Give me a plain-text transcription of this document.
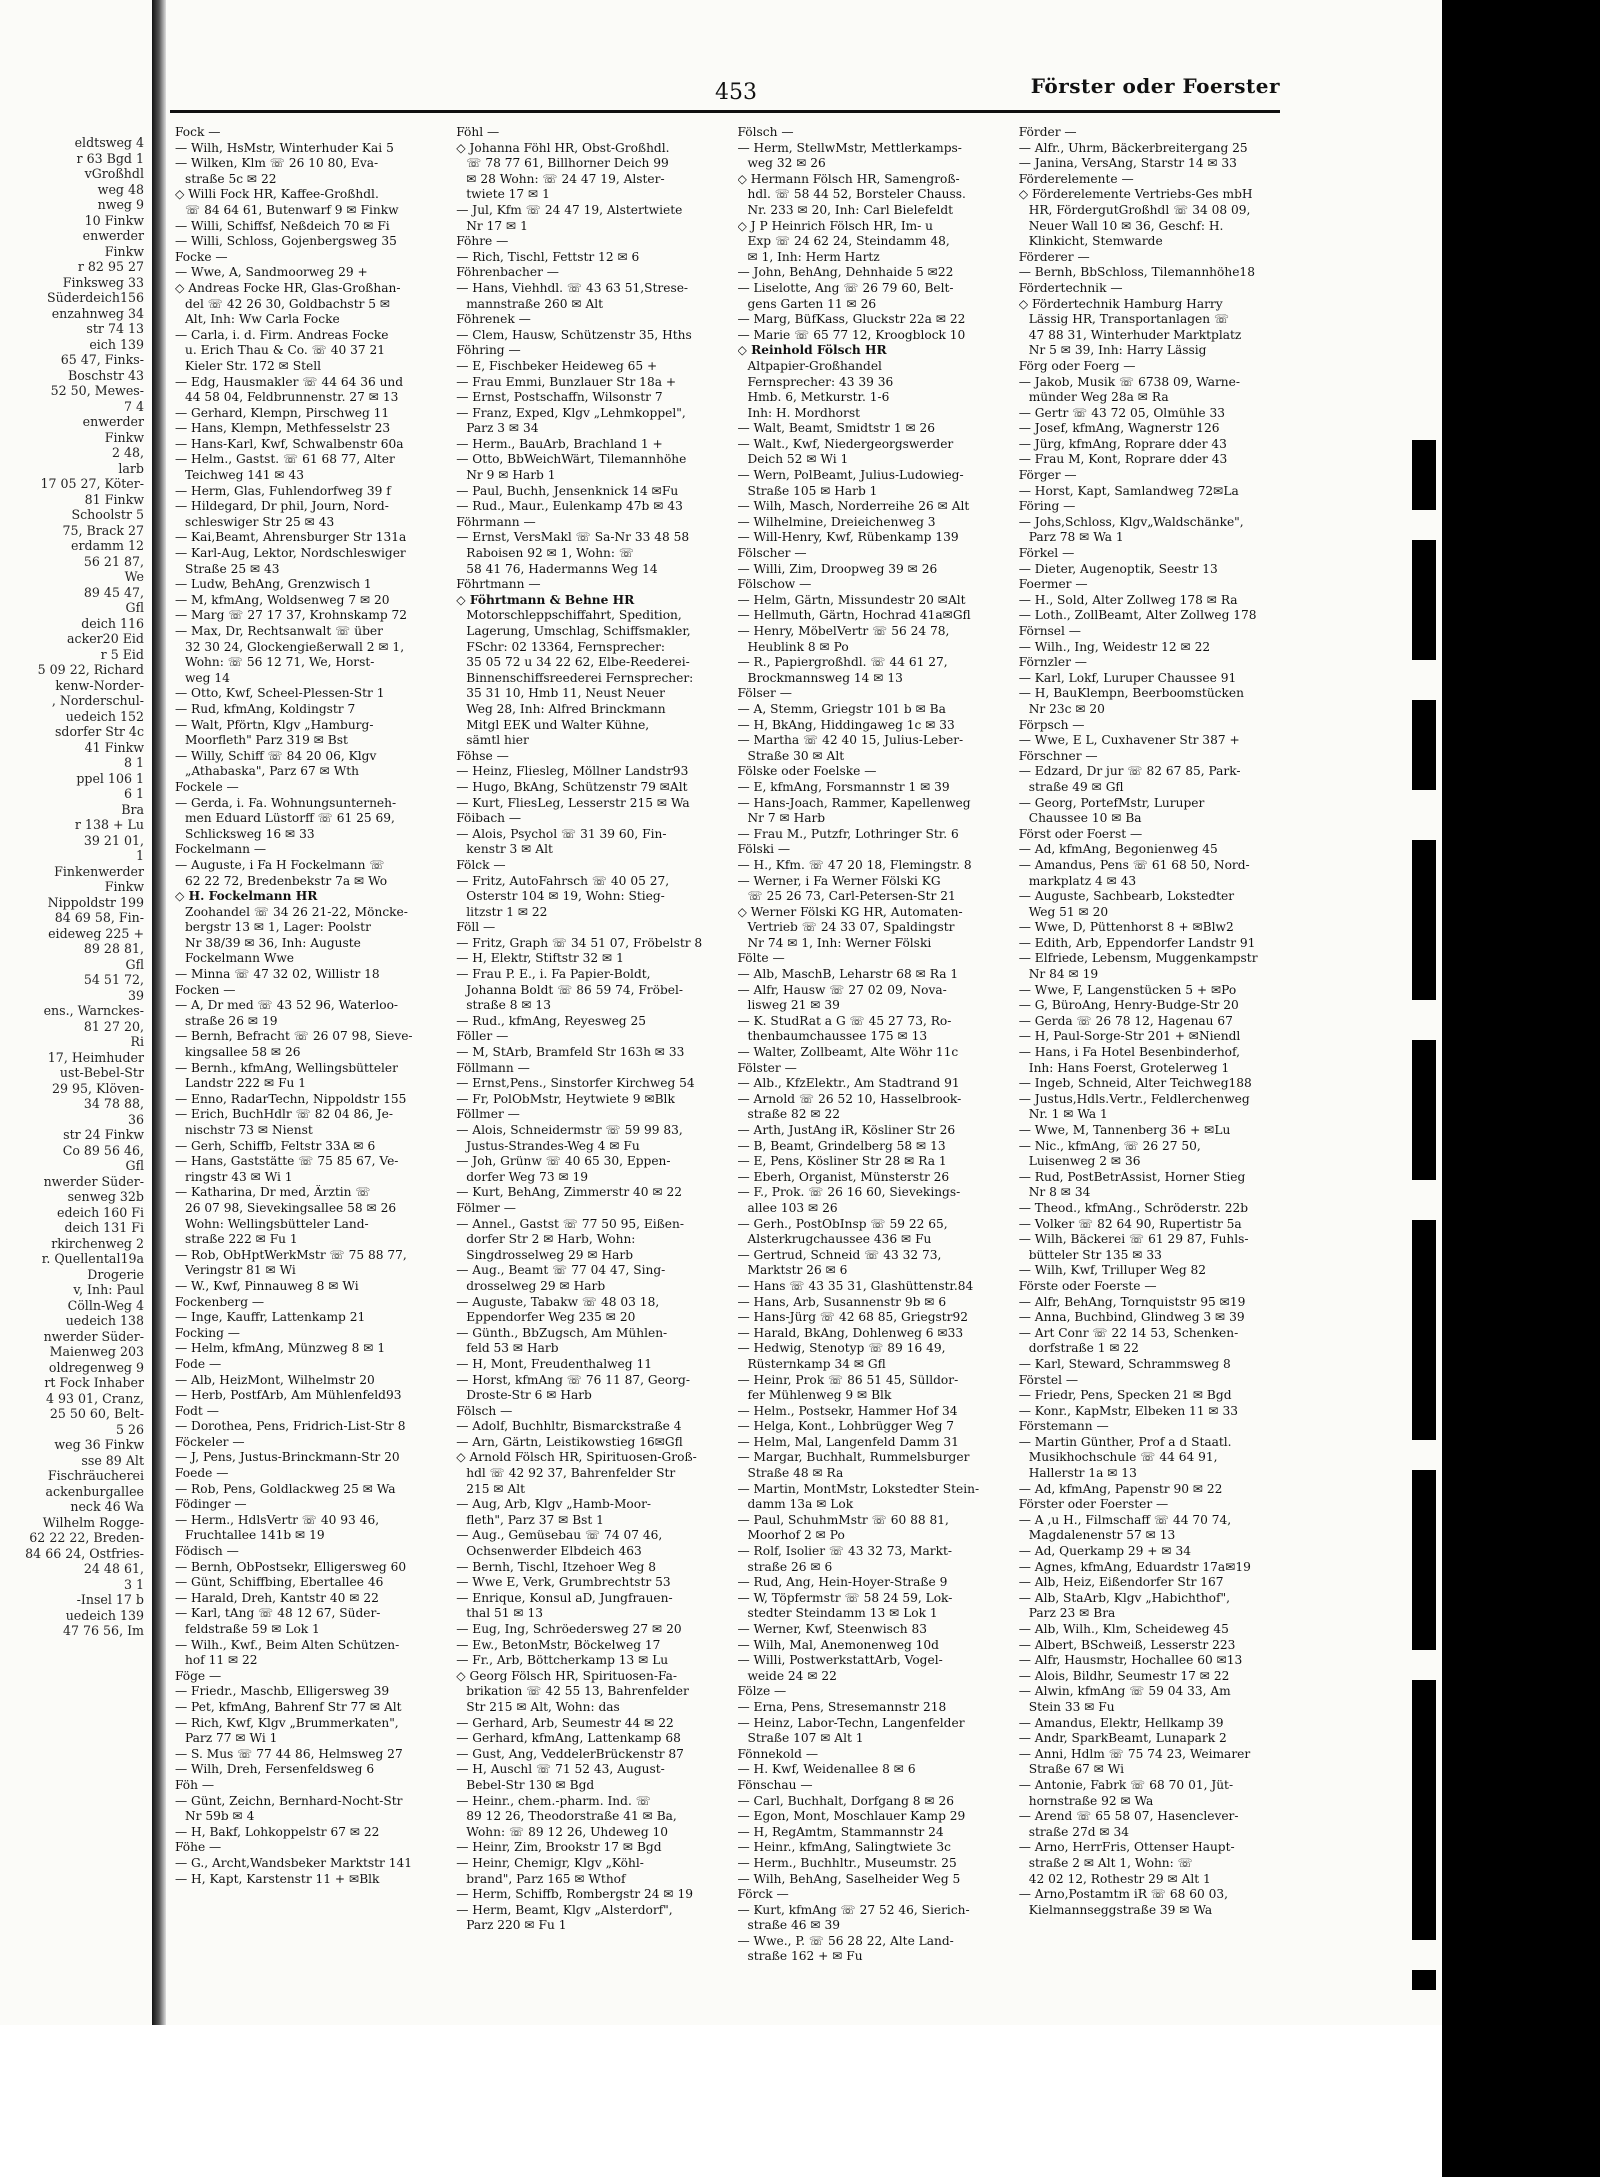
eldtsweg 4
r 63 Bgd 1
vGroßhdl
weg 48
nweg 9
10 Finkw
enwerder
Finkw
r 82 95 27
Finksweg 33
Süderdeich156
enzahnweg 34
str 74 13
eich 139
65 47, Finks-
Boschstr 43
52 50, Mewes-
7 4
enwerder
Finkw
2 48,
larb
17 05 27, Köter-
81 Finkw
Schoolstr 5
75, Brack 27
erdamm 12
56 21 87,
We
89 45 47,
Gfl
deich 116
acker20 Eid
r 5 Eid
5 09 22, Richard
kenw-Norder-
, Norderschul-
uedeich 152
sdorfer Str 4c
41 Finkw
8 1
ppel 106 1
6 1
Bra
r 138 + Lu
39 21 01,
1
Finkenwerder
Finkw
Nippoldstr 199
84 69 58, Fin-
eideweg 225 +
89 28 81,
Gfl
54 51 72,
39
ens., Warnckes-
81 27 20,
Ri
17, Heimhuder
ust-Bebel-Str
29 95, Klöven-
34 78 88,
36
str 24 Finkw
Co 89 56 46,
Gfl
nwerder Süder-
senweg 32b
edeich 160 Fi
deich 131 Fi
rkirchenweg 2
r. Quellental19a
Drogerie
v, Inh: Paul
Cölln-Weg 4
uedeich 138
nwerder Süder-
Maienweg 203
oldregenweg 9
rt Fock Inhaber
4 93 01, Cranz,
25 50 60, Belt-
5 26
weg 36 Finkw
sse 89 Alt
Fischräucherei
ackenburgallee
neck 46 Wa
Wilhelm Rogge-
62 22 22, Breden-
84 66 24, Ostfries-
24 48 61,
3 1
-Insel 17 b
uedeich 139
47 76 56, Im
453	Förster oder Foerster
Fock —
— Wilh, HsMstr, Winterhuder Kai 5
— Wilken, Klm ☏ 26 10 80, Eva-
straße 5c ✉ 22
◇ Willi Fock HR, Kaffee-Großhdl.
☏ 84 64 61, Butenwarf 9 ✉ Finkw
— Willi, Schiffsf, Neßdeich 70 ✉ Fi
— Willi, Schloss, Gojenbergsweg 35
Focke —
— Wwe, A, Sandmoorweg 29 +
◇ Andreas Focke HR, Glas-Großhan-
del ☏ 42 26 30, Goldbachstr 5 ✉
Alt, Inh: Ww Carla Focke
— Carla, i. d. Firm. Andreas Focke
u. Erich Thau & Co. ☏ 40 37 21
Kieler Str. 172 ✉ Stell
— Edg, Hausmakler ☏ 44 64 36 und
44 58 04, Feldbrunnenstr. 27 ✉ 13
— Gerhard, Klempn, Pirschweg 11
— Hans, Klempn, Methfesselstr 23
— Hans-Karl, Kwf, Schwalbenstr 60a
— Helm., Gastst. ☏ 61 68 77, Alter
Teichweg 141 ✉ 43
— Herm, Glas, Fuhlendorfweg 39 f
— Hildegard, Dr phil, Journ, Nord-
schleswiger Str 25 ✉ 43
— Kai,Beamt, Ahrensburger Str 131a
— Karl-Aug, Lektor, Nordschleswiger
Straße 25 ✉ 43
— Ludw, BehAng, Grenzwisch 1
— M, kfmAng, Woldsenweg 7 ✉ 20
— Marg ☏ 27 17 37, Krohnskamp 72
— Max, Dr, Rechtsanwalt ☏ über
32 30 24, Glockengießerwall 2 ✉ 1,
Wohn: ☏ 56 12 71, We, Horst-
weg 14
— Otto, Kwf, Scheel-Plessen-Str 1
— Rud, kfmAng, Koldingstr 7
— Walt, Pförtn, Klgv „Hamburg-
Moorfleth" Parz 319 ✉ Bst
— Willy, Schiff ☏ 84 20 06, Klgv
„Athabaska", Parz 67 ✉ Wth
Fockele —
— Gerda, i. Fa. Wohnungsunterneh-
men Eduard Lüstorff ☏ 61 25 69,
Schlicksweg 16 ✉ 33
Fockelmann —
— Auguste, i Fa H Fockelmann ☏
62 22 72, Bredenbekstr 7a ✉ Wo
◇ H. Fockelmann HR
Zoohandel ☏ 34 26 21-22, Möncke-
bergstr 13 ✉ 1, Lager: Poolstr
Nr 38/39 ✉ 36, Inh: Auguste
Fockelmann Wwe
— Minna ☏ 47 32 02, Willistr 18
Focken —
— A, Dr med ☏ 43 52 96, Waterloo-
straße 26 ✉ 19
— Bernh, Befracht ☏ 26 07 98, Sieve-
kingsallee 58 ✉ 26
— Bernh., kfmAng, Wellingsbütteler
Landstr 222 ✉ Fu 1
— Enno, RadarTechn, Nippoldstr 155
— Erich, BuchHdlr ☏ 82 04 86, Je-
nischstr 73 ✉ Nienst
— Gerh, Schiffb, Feltstr 33A ✉ 6
— Hans, Gaststätte ☏ 75 85 67, Ve-
ringstr 43 ✉ Wi 1
— Katharina, Dr med, Ärztin ☏
26 07 98, Sievekingsallee 58 ✉ 26
Wohn: Wellingsbütteler Land-
straße 222 ✉ Fu 1
— Rob, ObHptWerkMstr ☏ 75 88 77,
Veringstr 81 ✉ Wi
— W., Kwf, Pinnauweg 8 ✉ Wi
Fockenberg —
— Inge, Kauffr, Lattenkamp 21
Focking —
— Helm, kfmAng, Münzweg 8 ✉ 1
Fode —
— Alb, HeizMont, Wilhelmstr 20
— Herb, PostfArb, Am Mühlenfeld93
Fodt —
— Dorothea, Pens, Fridrich-List-Str 8
Föckeler —
— J, Pens, Justus-Brinckmann-Str 20
Foede —
— Rob, Pens, Goldlackweg 25 ✉ Wa
Födinger —
— Herm., HdlsVertr ☏ 40 93 46,
Fruchtallee 141b ✉ 19
Födisch —
— Bernh, ObPostsekr, Elligersweg 60
— Günt, Schiffbing, Ebertallee 46
— Harald, Dreh, Kantstr 40 ✉ 22
— Karl, tAng ☏ 48 12 67, Süder-
feldstraße 59 ✉ Lok 1
— Wilh., Kwf., Beim Alten Schützen-
hof 11 ✉ 22
Föge —
— Friedr., Maschb, Elligersweg 39
— Pet, kfmAng, Bahrenf Str 77 ✉ Alt
— Rich, Kwf, Klgv „Brummerkaten",
Parz 77 ✉ Wi 1
— S. Mus ☏ 77 44 86, Helmsweg 27
— Wilh, Dreh, Fersenfeldsweg 6
Föh —
— Günt, Zeichn, Bernhard-Nocht-Str
Nr 59b ✉ 4
— H, Bakf, Lohkoppelstr 67 ✉ 22
Föhe —
— G., Archt,Wandsbeker Marktstr 141
— H, Kapt, Karstenstr 11 + ✉Blk
Föhl —
◇ Johanna Föhl HR, Obst-Großhdl.
☏ 78 77 61, Billhorner Deich 99
✉ 28 Wohn: ☏ 24 47 19, Alster-
twiete 17 ✉ 1
— Jul, Kfm ☏ 24 47 19, Alstertwiete
Nr 17 ✉ 1
Föhre —
— Rich, Tischl, Fettstr 12 ✉ 6
Föhrenbacher —
— Hans, Viehhdl. ☏ 43 63 51,Strese-
mannstraße 260 ✉ Alt
Föhrenek —
— Clem, Hausw, Schützenstr 35, Hths
Föhring —
— E, Fischbeker Heideweg 65 +
— Frau Emmi, Bunzlauer Str 18a +
— Ernst, Postschaffn, Wilsonstr 7
— Franz, Exped, Klgv „Lehmkoppel",
Parz 3 ✉ 34
— Herm., BauArb, Brachland 1 +
— Otto, BbWeichWärt, Tilemannhöhe
Nr 9 ✉ Harb 1
— Paul, Buchh, Jensenknick 14 ✉Fu
— Rud., Maur., Eulenkamp 47b ✉ 43
Föhrmann —
— Ernst, VersMakl ☏ Sa-Nr 33 48 58
Raboisen 92 ✉ 1, Wohn: ☏
58 41 76, Hadermanns Weg 14
Föhrtmann —
◇ Föhrtmann & Behne HR
Motorschleppschiffahrt, Spedition,
Lagerung, Umschlag, Schiffsmakler,
FSchr: 02 13364, Fernsprecher:
35 05 72 u 34 22 62, Elbe-Reederei-
Binnenschiffsreederei Fernsprecher:
35 31 10, Hmb 11, Neust Neuer
Weg 28, Inh: Alfred Brinckmann
Mitgl EEK und Walter Kühne,
sämtl hier
Föhse —
— Heinz, Fliesleg, Möllner Landstr93
— Hugo, BkAng, Schützenstr 79 ✉Alt
— Kurt, FliesLeg, Lesserstr 215 ✉ Wa
Föibach —
— Alois, Psychol ☏ 31 39 60, Fin-
kenstr 3 ✉ Alt
Fölck —
— Fritz, AutoFahrsch ☏ 40 05 27,
Osterstr 104 ✉ 19, Wohn: Stieg-
litzstr 1 ✉ 22
Föll —
— Fritz, Graph ☏ 34 51 07, Fröbelstr 8
— H, Elektr, Stiftstr 32 ✉ 1
— Frau P. E., i. Fa Papier-Boldt,
Johanna Boldt ☏ 86 59 74, Fröbel-
straße 8 ✉ 13
— Rud., kfmAng, Reyesweg 25
Föller —
— M, StArb, Bramfeld Str 163h ✉ 33
Föllmann —
— Ernst,Pens., Sinstorfer Kirchweg 54
— Fr, PolObMstr, Heytwiete 9 ✉Blk
Föllmer —
— Alois, Schneidermstr ☏ 59 99 83,
Justus-Strandes-Weg 4 ✉ Fu
— Joh, Grünw ☏ 40 65 30, Eppen-
dorfer Weg 73 ✉ 19
— Kurt, BehAng, Zimmerstr 40 ✉ 22
Fölmer —
— Annel., Gastst ☏ 77 50 95, Eißen-
dorfer Str 2 ✉ Harb, Wohn:
Singdrosselweg 29 ✉ Harb
— Aug., Beamt ☏ 77 04 47, Sing-
drosselweg 29 ✉ Harb
— Auguste, Tabakw ☏ 48 03 18,
Eppendorfer Weg 235 ✉ 20
— Günth., BbZugsch, Am Mühlen-
feld 53 ✉ Harb
— H, Mont, Freudenthalweg 11
— Horst, kfmAng ☏ 76 11 87, Georg-
Droste-Str 6 ✉ Harb
Fölsch —
— Adolf, Buchhltr, Bismarckstraße 4
— Arn, Gärtn, Leistikowstieg 16✉Gfl
◇ Arnold Fölsch HR, Spirituosen-Groß-
hdl ☏ 42 92 37, Bahrenfelder Str
215 ✉ Alt
— Aug, Arb, Klgv „Hamb-Moor-
fleth", Parz 37 ✉ Bst 1
— Aug., Gemüsebau ☏ 74 07 46,
Ochsenwerder Elbdeich 463
— Bernh, Tischl, Itzehoer Weg 8
— Wwe E, Verk, Grumbrechtstr 53
— Enrique, Konsul aD, Jungfrauen-
thal 51 ✉ 13
— Eug, Ing, Schröedersweg 27 ✉ 20
— Ew., BetonMstr, Böckelweg 17
— Fr., Arb, Böttcherkamp 13 ✉ Lu
◇ Georg Fölsch HR, Spirituosen-Fa-
brikation ☏ 42 55 13, Bahrenfelder
Str 215 ✉ Alt, Wohn: das
— Gerhard, Arb, Seumestr 44 ✉ 22
— Gerhard, kfmAng, Lattenkamp 68
— Gust, Ang, VeddelerBrückenstr 87
— H, Auschl ☏ 71 52 43, August-
Bebel-Str 130 ✉ Bgd
— Heinr., chem.-pharm. Ind. ☏
89 12 26, Theodorstraße 41 ✉ Ba,
Wohn: ☏ 89 12 26, Uhdeweg 10
— Heinr, Zim, Brookstr 17 ✉ Bgd
— Heinr, Chemigr, Klgv „Köhl-
brand", Parz 165 ✉ Wthof
— Herm, Schiffb, Rombergstr 24 ✉ 19
— Herm, Beamt, Klgv „Alsterdorf",
Parz 220 ✉ Fu 1
Fölsch —
— Herm, StellwMstr, Mettlerkamps-
weg 32 ✉ 26
◇ Hermann Fölsch HR, Samengroß-
hdl. ☏ 58 44 52, Borsteler Chauss.
Nr. 233 ✉ 20, Inh: Carl Bielefeldt
◇ J P Heinrich Fölsch HR, Im- u
Exp ☏ 24 62 24, Steindamm 48,
✉ 1, Inh: Herm Hartz
— John, BehAng, Dehnhaide 5 ✉22
— Liselotte, Ang ☏ 26 79 60, Belt-
gens Garten 11 ✉ 26
— Marg, BüfKass, Gluckstr 22a ✉ 22
— Marie ☏ 65 77 12, Kroogblock 10
◇ Reinhold Fölsch HR
Altpapier-Großhandel
Fernsprecher: 43 39 36
Hmb. 6, Metkurstr. 1-6
Inh: H. Mordhorst
— Walt, Beamt, Smidtstr 1 ✉ 26
— Walt., Kwf, Niedergeorgswerder
Deich 52 ✉ Wi 1
— Wern, PolBeamt, Julius-Ludowieg-
Straße 105 ✉ Harb 1
— Wilh, Masch, Norderreihe 26 ✉ Alt
— Wilhelmine, Dreieichenweg 3
— Will-Henry, Kwf, Rübenkamp 139
Fölscher —
— Willi, Zim, Droopweg 39 ✉ 26
Fölschow —
— Helm, Gärtn, Missundestr 20 ✉Alt
— Hellmuth, Gärtn, Hochrad 41a✉Gfl
— Henry, MöbelVertr ☏ 56 24 78,
Heublink 8 ✉ Po
— R., Papiergroßhdl. ☏ 44 61 27,
Brockmannsweg 14 ✉ 13
Fölser —
— A, Stemm, Griegstr 101 b ✉ Ba
— H, BkAng, Hiddingaweg 1c ✉ 33
— Martha ☏ 42 40 15, Julius-Leber-
Straße 30 ✉ Alt
Fölske oder Foelske —
— E, kfmAng, Forsmannstr 1 ✉ 39
— Hans-Joach, Rammer, Kapellenweg
Nr 7 ✉ Harb
— Frau M., Putzfr, Lothringer Str. 6
Fölski —
— H., Kfm. ☏ 47 20 18, Flemingstr. 8
— Werner, i Fa Werner Fölski KG
☏ 25 26 73, Carl-Petersen-Str 21
◇ Werner Fölski KG HR, Automaten-
Vertrieb ☏ 24 33 07, Spaldingstr
Nr 74 ✉ 1, Inh: Werner Fölski
Fölte —
— Alb, MaschB, Leharstr 68 ✉ Ra 1
— Alfr, Hausw ☏ 27 02 09, Nova-
lisweg 21 ✉ 39
— K. StudRat a G ☏ 45 27 73, Ro-
thenbaumchaussee 175 ✉ 13
— Walter, Zollbeamt, Alte Wöhr 11c
Fölster —
— Alb., KfzElektr., Am Stadtrand 91
— Arnold ☏ 26 52 10, Hasselbrook-
straße 82 ✉ 22
— Arth, JustAng iR, Kösliner Str 26
— B, Beamt, Grindelberg 58 ✉ 13
— E, Pens, Kösliner Str 28 ✉ Ra 1
— Eberh, Organist, Münsterstr 26
— F., Prok. ☏ 26 16 60, Sievekings-
allee 103 ✉ 26
— Gerh., PostObInsp ☏ 59 22 65,
Alsterkrugchaussee 436 ✉ Fu
— Gertrud, Schneid ☏ 43 32 73,
Marktstr 26 ✉ 6
— Hans ☏ 43 35 31, Glashüttenstr.84
— Hans, Arb, Susannenstr 9b ✉ 6
— Hans-Jürg ☏ 42 68 85, Griegstr92
— Harald, BkAng, Dohlenweg 6 ✉33
— Hedwig, Stenotyp ☏ 89 16 49,
Rüsternkamp 34 ✉ Gfl
— Heinr, Prok ☏ 86 51 45, Sülldor-
fer Mühlenweg 9 ✉ Blk
— Helm., Postsekr, Hammer Hof 34
— Helga, Kont., Lohbrügger Weg 7
— Helm, Mal, Langenfeld Damm 31
— Margar, Buchhalt, Rummelsburger
Straße 48 ✉ Ra
— Martin, MontMstr, Lokstedter Stein-
damm 13a ✉ Lok
— Paul, SchuhmMstr ☏ 60 88 81,
Moorhof 2 ✉ Po
— Rolf, Isolier ☏ 43 32 73, Markt-
straße 26 ✉ 6
— Rud, Ang, Hein-Hoyer-Straße 9
— W, Töpfermstr ☏ 58 24 59, Lok-
stedter Steindamm 13 ✉ Lok 1
— Werner, Kwf, Steenwisch 83
— Wilh, Mal, Anemonenweg 10d
— Willi, PostwerkstattArb, Vogel-
weide 24 ✉ 22
Fölze —
— Erna, Pens, Stresemannstr 218
— Heinz, Labor-Techn, Langenfelder
Straße 107 ✉ Alt 1
Fönnekold —
— H. Kwf, Weidenallee 8 ✉ 6
Fönschau —
— Carl, Buchhalt, Dorfgang 8 ✉ 26
— Egon, Mont, Moschlauer Kamp 29
— H, RegAmtm, Stammannstr 24
— Heinr., kfmAng, Salingtwiete 3c
— Herm., Buchhltr., Museumstr. 25
— Wilh, BehAng, Saselheider Weg 5
Förck —
— Kurt, kfmAng ☏ 27 52 46, Sierich-
straße 46 ✉ 39
— Wwe., P. ☏ 56 28 22, Alte Land-
straße 162 + ✉ Fu
Förder —
— Alfr., Uhrm, Bäckerbreitergang 25
— Janina, VersAng, Starstr 14 ✉ 33
Förderelemente —
◇ Förderelemente Vertriebs-Ges mbH
HR, FördergutGroßhdl ☏ 34 08 09,
Neuer Wall 10 ✉ 36, Geschf: H.
Klinkicht, Stemwarde
Förderer —
— Bernh, BbSchloss, Tilemannhöhe18
Fördertechnik —
◇ Fördertechnik Hamburg Harry
Lässig HR, Transportanlagen ☏
47 88 31, Winterhuder Marktplatz
Nr 5 ✉ 39, Inh: Harry Lässig
Förg oder Foerg —
— Jakob, Musik ☏ 6738 09, Warne-
münder Weg 28a ✉ Ra
— Gertr ☏ 43 72 05, Olmühle 33
— Josef, kfmAng, Wagnerstr 126
— Jürg, kfmAng, Roprare dder 43
— Frau M, Kont, Roprare dder 43
Förger —
— Horst, Kapt, Samlandweg 72✉La
Föring —
— Johs,Schloss, Klgv„Waldschänke",
Parz 78 ✉ Wa 1
Förkel —
— Dieter, Augenoptik, Seestr 13
Foermer —
— H., Sold, Alter Zollweg 178 ✉ Ra
— Loth., ZollBeamt, Alter Zollweg 178
Förnsel —
— Wilh., Ing, Weidestr 12 ✉ 22
Förnzler —
— Karl, Lokf, Luruper Chaussee 91
— H, BauKlempn, Beerboomstücken
Nr 23c ✉ 20
Förpsch —
— Wwe, E L, Cuxhavener Str 387 +
Förschner —
— Edzard, Dr jur ☏ 82 67 85, Park-
straße 49 ✉ Gfl
— Georg, PortefMstr, Luruper
Chaussee 10 ✉ Ba
Först oder Foerst —
— Ad, kfmAng, Begonienweg 45
— Amandus, Pens ☏ 61 68 50, Nord-
markplatz 4 ✉ 43
— Auguste, Sachbearb, Lokstedter
Weg 51 ✉ 20
— Wwe, D, Püttenhorst 8 + ✉Blw2
— Edith, Arb, Eppendorfer Landstr 91
— Elfriede, Lebensm, Muggenkampstr
Nr 84 ✉ 19
— Wwe, F, Langenstücken 5 + ✉Po
— G, BüroAng, Henry-Budge-Str 20
— Gerda ☏ 26 78 12, Hagenau 67
— H, Paul-Sorge-Str 201 + ✉Niendl
— Hans, i Fa Hotel Besenbinderhof,
Inh: Hans Foerst, Grotelerweg 1
— Ingeb, Schneid, Alter Teichweg188
— Justus,Hdls.Vertr., Feldlerchenweg
Nr. 1 ✉ Wa 1
— Wwe, M, Tannenberg 36 + ✉Lu
— Nic., kfmAng, ☏ 26 27 50,
Luisenweg 2 ✉ 36
— Rud, PostBetrAssist, Horner Stieg
Nr 8 ✉ 34
— Theod., kfmAng., Schröderstr. 22b
— Volker ☏ 82 64 90, Rupertistr 5a
— Wilh, Bäckerei ☏ 61 29 87, Fuhls-
bütteler Str 135 ✉ 33
— Wilh, Kwf, Trilluper Weg 82
Förste oder Foerste —
— Alfr, BehAng, Tornquiststr 95 ✉19
— Anna, Buchbind, Glindweg 3 ✉ 39
— Art Conr ☏ 22 14 53, Schenken-
dorfstraße 1 ✉ 22
— Karl, Steward, Schrammsweg 8
Förstel —
— Friedr, Pens, Specken 21 ✉ Bgd
— Konr., KapMstr, Elbeken 11 ✉ 33
Förstemann —
— Martin Günther, Prof a d Staatl.
Musikhochschule ☏ 44 64 91,
Hallerstr 1a ✉ 13
— Ad, kfmAng, Papenstr 90 ✉ 22
Förster oder Foerster —
— A ,u H., Filmschaff ☏ 44 70 74,
Magdalenenstr 57 ✉ 13
— Ad, Querkamp 29 + ✉ 34
— Agnes, kfmAng, Eduardstr 17a✉19
— Alb, Heiz, Eißendorfer Str 167
— Alb, StaArb, Klgv „Habichthof",
Parz 23 ✉ Bra
— Alb, Wilh., Klm, Scheideweg 45
— Albert, BSchweiß, Lesserstr 223
— Alfr, Hausmstr, Hochallee 60 ✉13
— Alois, Bildhr, Seumestr 17 ✉ 22
— Alwin, kfmAng ☏ 59 04 33, Am
Stein 33 ✉ Fu
— Amandus, Elektr, Hellkamp 39
— Andr, SparkBeamt, Lunapark 2
— Anni, Hdlm ☏ 75 74 23, Weimarer
Straße 67 ✉ Wi
— Antonie, Fabrk ☏ 68 70 01, Jüt-
hornstraße 92 ✉ Wa
— Arend ☏ 65 58 07, Hasenclever-
straße 27d ✉ 34
— Arno, HerrFris, Ottenser Haupt-
straße 2 ✉ Alt 1, Wohn: ☏
42 02 12, Rothestr 29 ✉ Alt 1
— Arno,Postamtm iR ☏ 68 60 03,
Kielmannseggstraße 39 ✉ Wa
